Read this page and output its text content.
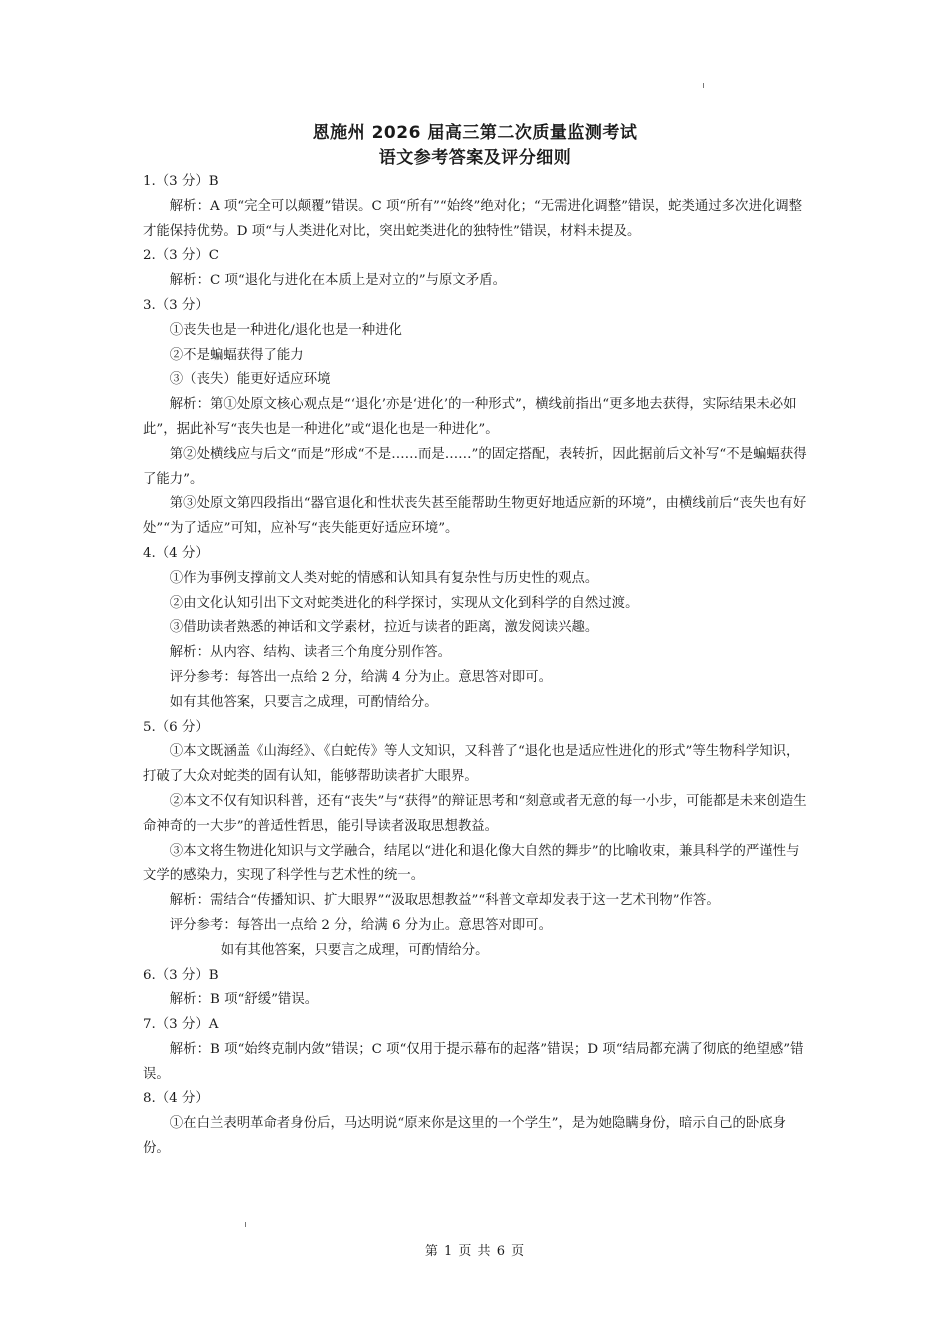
恩施州 2026 届高三第二次质量监测考试
语文参考答案及评分细则

1.（3 分）B

解析：A 项“完全可以颠覆”错误。C 项“所有”“始终”绝对化；“无需进化调整”错误，蛇类通过多次进化调整才能保持优势。D 项“与人类进化对比，突出蛇类进化的独特性”错误，材料未提及。

2.（3 分）C

解析：C 项“退化与进化在本质上是对立的”与原文矛盾。

3.（3 分）

①丧失也是一种进化/退化也是一种进化

②不是蝙蝠获得了能力

③（丧失）能更好适应环境

解析：第①处原文核心观点是“‘退化’亦是‘进化’的一种形式”，横线前指出“更多地去获得，实际结果未必如此”，据此补写“丧失也是一种进化”或“退化也是一种进化”。

第②处横线应与后文“而是”形成“不是……而是……”的固定搭配，表转折，因此据前后文补写“不是蝙蝠获得了能力”。

第③处原文第四段指出“器官退化和性状丧失甚至能帮助生物更好地适应新的环境”，由横线前后“丧失也有好处”“为了适应”可知，应补写“丧失能更好适应环境”。

4.（4 分）

①作为事例支撑前文人类对蛇的情感和认知具有复杂性与历史性的观点。

②由文化认知引出下文对蛇类进化的科学探讨，实现从文化到科学的自然过渡。

③借助读者熟悉的神话和文学素材，拉近与读者的距离，激发阅读兴趣。

解析：从内容、结构、读者三个角度分别作答。

评分参考：每答出一点给 2 分，给满 4 分为止。意思答对即可。

如有其他答案，只要言之成理，可酌情给分。

5.（6 分）

①本文既涵盖《山海经》、《白蛇传》等人文知识，又科普了“退化也是适应性进化的形式”等生物科学知识，打破了大众对蛇类的固有认知，能够帮助读者扩大眼界。

②本文不仅有知识科普，还有“丧失”与“获得”的辩证思考和“刻意或者无意的每一小步，可能都是未来创造生命神奇的一大步”的普适性哲思，能引导读者汲取思想教益。

③本文将生物进化知识与文学融合，结尾以“进化和退化像大自然的舞步”的比喻收束，兼具科学的严谨性与文学的感染力，实现了科学性与艺术性的统一。

解析：需结合“传播知识、扩大眼界”“汲取思想教益”“科普文章却发表于这一艺术刊物”作答。

评分参考：每答出一点给 2 分，给满 6 分为止。意思答对即可。

如有其他答案，只要言之成理，可酌情给分。

6.（3 分）B

解析：B 项“舒缓”错误。

7.（3 分）A

解析：B 项“始终克制内敛”错误；C 项“仅用于提示幕布的起落”错误；D 项“结局都充满了彻底的绝望感”错误。

8.（4 分）

①在白兰表明革命者身份后，马达明说“原来你是这里的一个学生”，是为她隐瞒身份，暗示自己的卧底身份。

第 1 页 共 6 页
